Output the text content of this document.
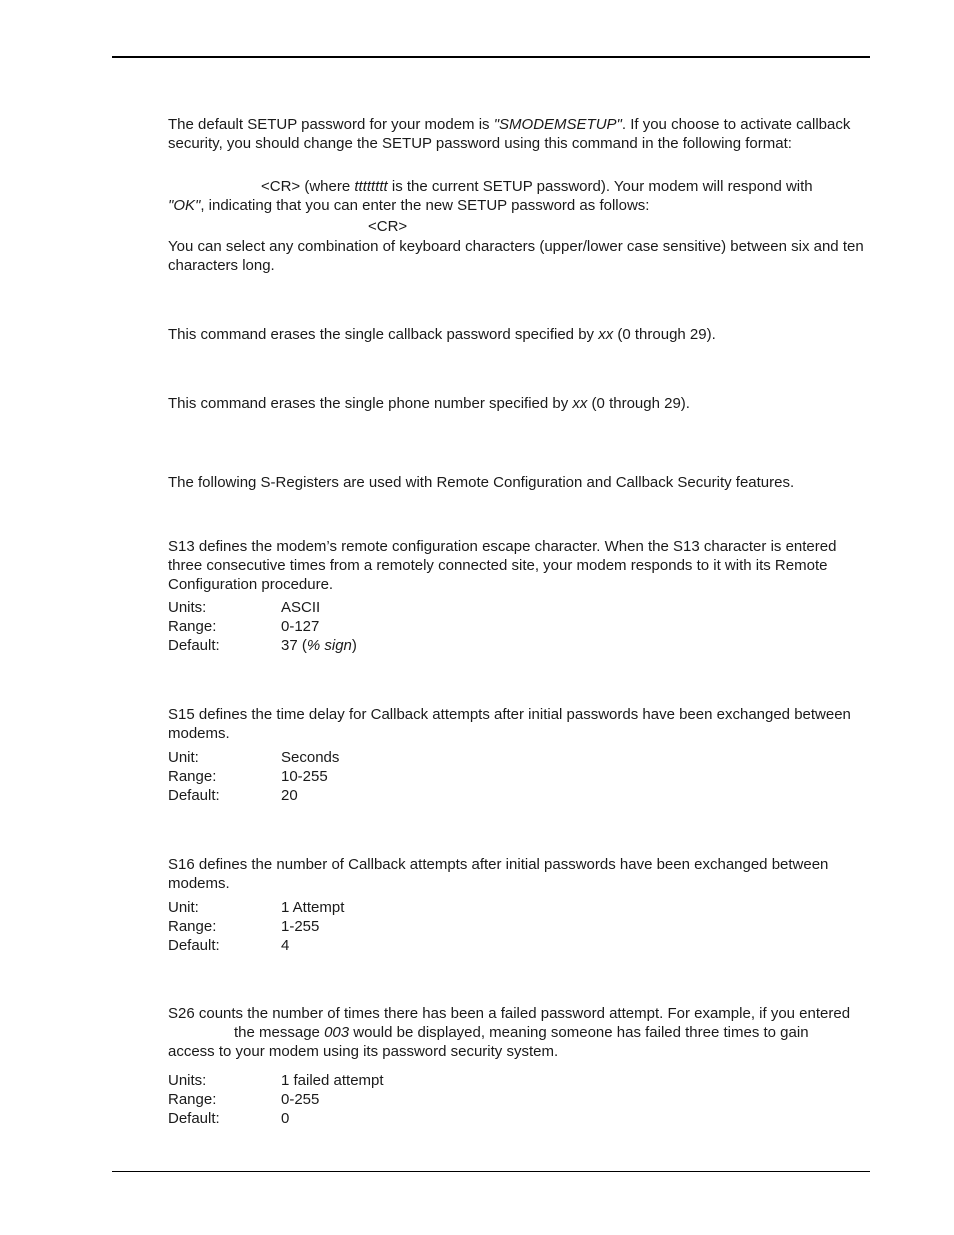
The default SETUP password for your modem is "SMODEMSETUP". If you choose to activate callback security, you should change the SETUP password using this command in the following format:
<CR> (where tttttttt is the current SETUP password). Your modem will respond with
"OK", indicating that you can enter the new SETUP password as follows:
<CR>
You can select any combination of keyboard characters (upper/lower case sensitive) between six and ten characters long.
This command erases the single callback password specified by xx (0 through 29).
This command erases the single phone number specified by xx (0 through 29).
The following S-Registers are used with Remote Configuration and Callback Security features.
S13 defines the modem’s remote configuration escape character. When the S13 character is entered three consecutive times from a remotely connected site, your modem responds to it with its Remote Configuration procedure.
Units:	ASCII
Range:	0-127
Default:	37 (% sign)
S15 defines the time delay for Callback attempts after initial passwords have been exchanged between modems.
Unit:	Seconds
Range:	10-255
Default:	20
S16 defines the number of Callback attempts after initial passwords have been exchanged between modems.
Unit:	1 Attempt
Range:	1-255
Default:	4
S26 counts the number of times there has been a failed password attempt. For example, if you enteredthe message 003 would be displayed, meaning someone has failed three times to gain access to your modem using its password security system.
Units:	1 failed attempt
Range:	0-255
Default:	0
